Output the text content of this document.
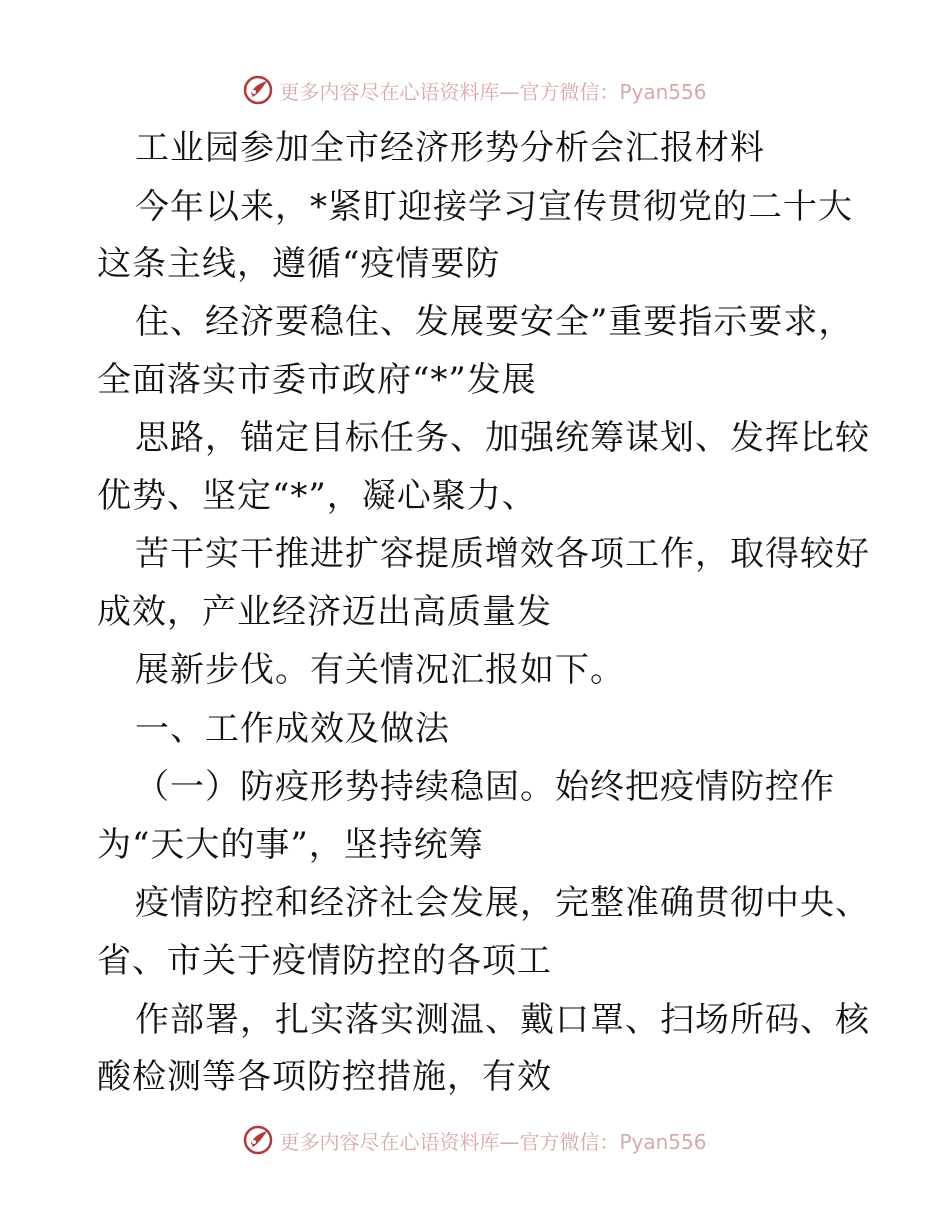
更多内容尽在心语资料库—官方微信：Pyan556
工业园参加全市经济形势分析会汇报材料
今年以来，*紧盯迎接学习宣传贯彻党的二十大
这条主线，遵循“疫情要防
住、经济要稳住、发展要安全”重要指示要求，
全面落实市委市政府“*”发展
思路，锚定目标任务、加强统筹谋划、发挥比较
优势、坚定“*”，凝心聚力、
苦干实干推进扩容提质增效各项工作，取得较好
成效，产业经济迈出高质量发
展新步伐。有关情况汇报如下。
一、工作成效及做法
（一）防疫形势持续稳固。始终把疫情防控作
为“天大的事”，坚持统筹
疫情防控和经济社会发展，完整准确贯彻中央、
省、市关于疫情防控的各项工
作部署，扎实落实测温、戴口罩、扫场所码、核
酸检测等各项防控措施，有效
更多内容尽在心语资料库—官方微信：Pyan556
